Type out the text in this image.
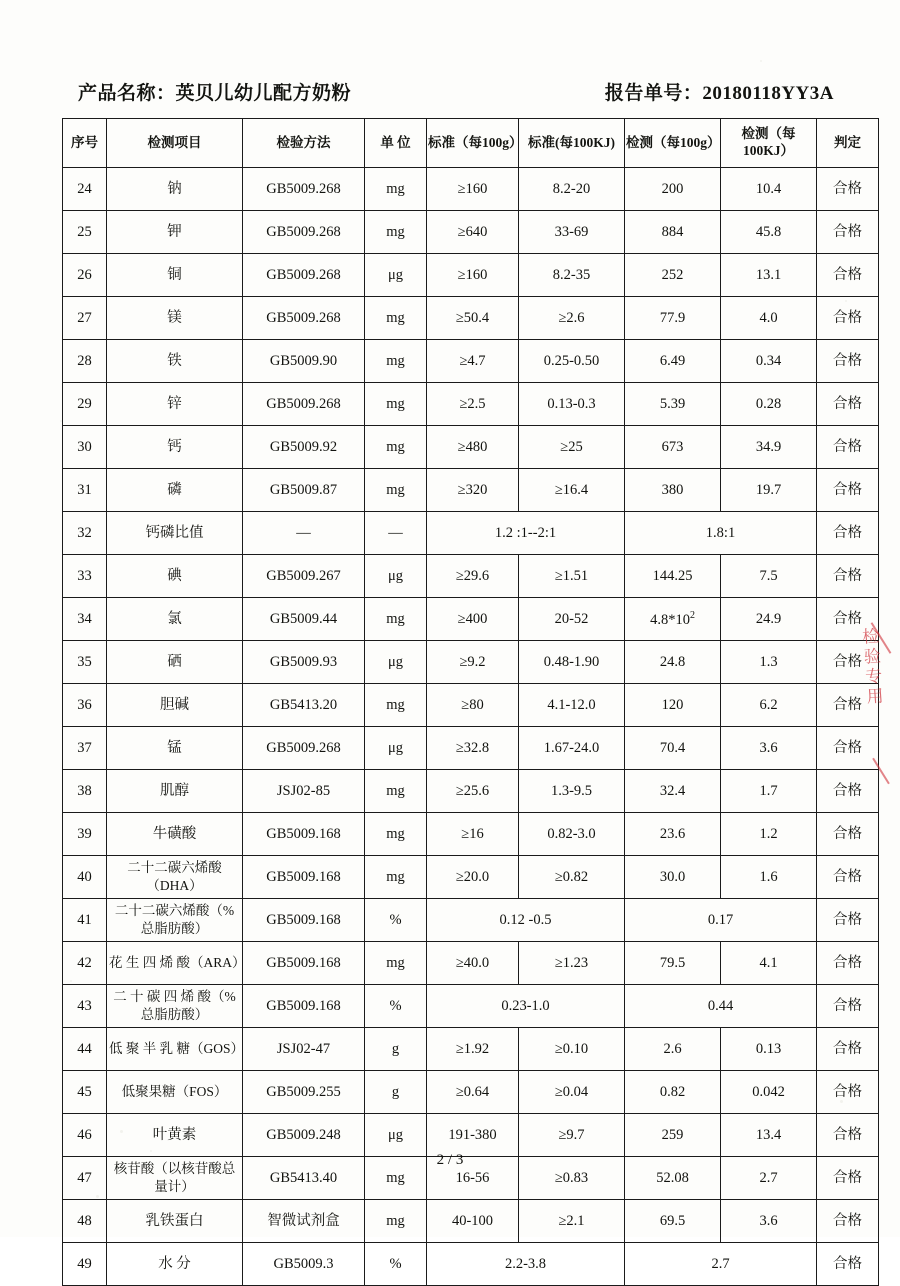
产品名称：英贝儿幼儿配方奶粉	报告单号：20180118YY3A
序号	检测项目	检验方法	单 位	标准（每100g）	标准(每100KJ)	检测（每100g）	检测（每100KJ）	判定
24	钠	GB5009.268	mg	≥160	8.2-20	200	10.4	合格
25	钾	GB5009.268	mg	≥640	33-69	884	45.8	合格
26	铜	GB5009.268	μg	≥160	8.2-35	252	13.1	合格
27	镁	GB5009.268	mg	≥50.4	≥2.6	77.9	4.0	合格
28	铁	GB5009.90	mg	≥4.7	0.25-0.50	6.49	0.34	合格
29	锌	GB5009.268	mg	≥2.5	0.13-0.3	5.39	0.28	合格
30	钙	GB5009.92	mg	≥480	≥25	673	34.9	合格
31	磷	GB5009.87	mg	≥320	≥16.4	380	19.7	合格
32	钙磷比值	—	—	1.2 :1--2:1		1.8:1		合格
33	碘	GB5009.267	μg	≥29.6	≥1.51	144.25	7.5	合格
34	氯	GB5009.44	mg	≥400	20-52	$4.8*10^2$	24.9	合格
35	硒	GB5009.93	μg	≥9.2	0.48-1.90	24.8	1.3	合格
36	胆碱	GB5413.20	mg	≥80	4.1-12.0	120	6.2	合格
37	锰	GB5009.268	μg	≥32.8	1.67-24.0	70.4	3.6	合格
38	肌醇	JSJ02-85	mg	≥25.6	1.3-9.5	32.4	1.7	合格
39	牛磺酸	GB5009.168	mg	≥16	0.82-3.0	23.6	1.2	合格
40	二十二碳六烯酸（DHA）	GB5009.168	mg	≥20.0	≥0.82	30.0	1.6	合格
41	二十二碳六烯酸（%总脂肪酸）	GB5009.168	%	0.12 -0.5		0.17		合格
42	花 生 四 烯 酸（ARA）	GB5009.168	mg	≥40.0	≥1.23	79.5	4.1	合格
43	二 十 碳 四 烯 酸（%总脂肪酸）	GB5009.168	%	0.23-1.0		0.44		合格
44	低 聚 半 乳 糖（GOS）	JSJ02-47	g	≥1.92	≥0.10	2.6	0.13	合格
45	低聚果糖（FOS）	GB5009.255	g	≥0.64	≥0.04	0.82	0.042	合格
46	叶黄素	GB5009.248	μg	191-380	≥9.7	259	13.4	合格
47	核苷酸（以核苷酸总量计）	GB5413.40	mg	16-56	≥0.83	52.08	2.7	合格
48	乳铁蛋白	智微试剂盒	mg	40-100	≥2.1	69.5	3.6	合格
49	水 分	GB5009.3	%	2.2-3.8		2.7		合格
检验专用
2 / 3
